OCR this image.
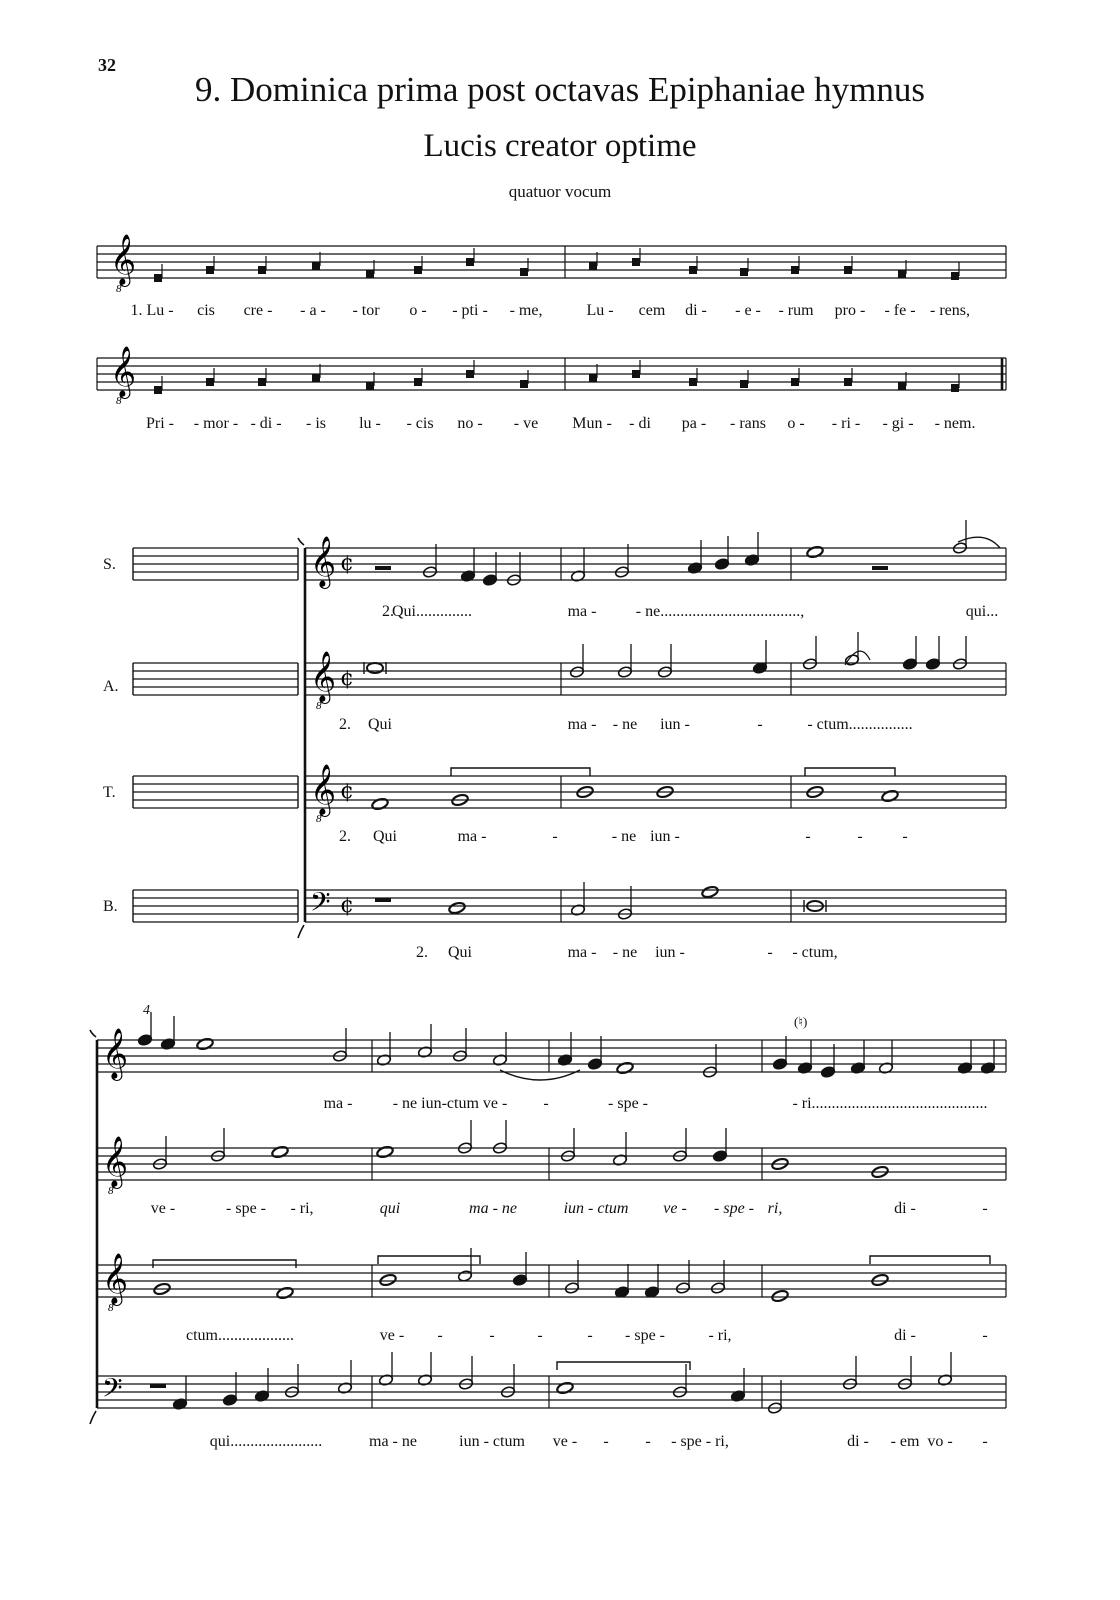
32
9. Dominica prima post octavas Epiphaniae hymnus
Lucis creator optime
quatuor vocum
𝄞
8
𝄞
8
𝄞 ¢
𝄞
8
¢
𝄞
8
¢
𝄢 ¢
𝄞
𝄞
8
𝄞
8
𝄢
1. Lu - cis cre - - a - - tor o - - pti - - me,	Lu - cem di - - e - - rum pro - - fe - - rens,
Pri - - mor - - di - - is lu - - cis no - - ve Mun - - di pa - - rans o - - ri - - gi - - nem.
2.
Qui..............	ma - - ne...................................,	qui...
2. Qui	ma - - ne iun -	-	- ctum................
2. Qui	ma -	-	- ne iun -	-	- -
2. Qui	ma - - ne iun -	- - ctum,
ma -	- ne iun-ctum ve - -	- spe -	- ri............................................
ve -	- spe - - ri,	qui	ma - ne	iun - ctum ve - - spe - ri,	di -	-
ctum...................	ve - -	-	-	- - spe -	- ri,	di -	-
qui.......................	ma - ne	iun - ctum ve - - - - spe - ri,	di - - em vo - -
S.
A.
T.
B.
4
(♮)
